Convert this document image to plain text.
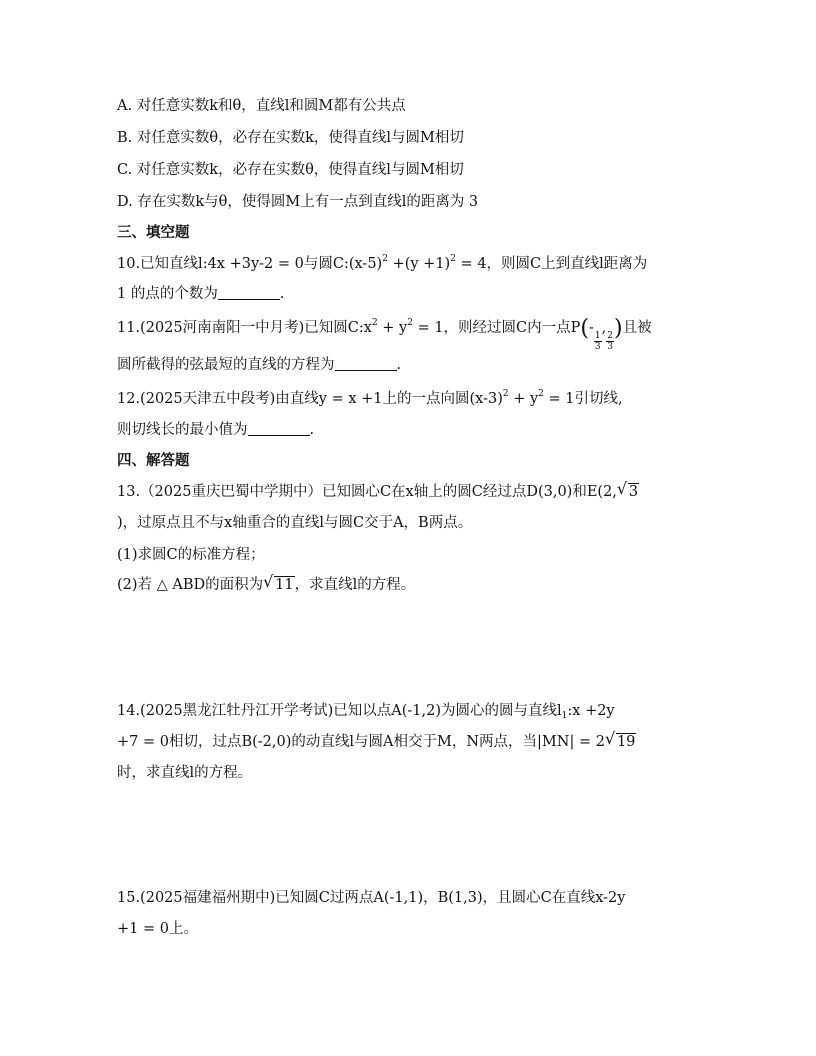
A. 对任意实数k和θ，直线l和圆M都有公共点
B. 对任意实数θ，必存在实数k，使得直线l与圆M相切
C. 对任意实数k，必存在实数θ，使得直线l与圆M相切
D. 存在实数k与θ，使得圆M上有一点到直线l的距离为 3
三、填空题
10.已知直线l:4x +3y-2 = 0与圆$C:(x-5)^2 +(y +1)^2 = 4$，则圆C上到直线l距离为
1 的点的个数为	.
11.(2025河南南阳一中月考)已知圆$C:x^2 + y^2 = 1$，则经过圆C内一点P(-
$\frac{1}{3}$
,
$\frac{2}{3}$
)且被
圆所截得的弦最短的直线的方程为	.
12.(2025天津五中段考)由直线y = x +1上的一点向圆$(x-3)^2 + y^2 = 1$引切线,
则切线长的最小值为	.
四、解答题
13.（2025重庆巴蜀中学期中）已知圆心C在x轴上的圆C经过点D(3,0)和E(2, √ 3
)，过原点且不与x轴重合的直线l与圆C交于A，B两点。
(1)求圆C的标准方程；
(2)若 △ ABD的面积为 √ 11，求直线l的方程。
14.(2025黑龙江牡丹江开学考试)已知以点A(-1,2)为圆心的圆与直线$l_1:x +2y$
+7 = 0相切，过点B(-2,0)的动直线l与圆A相交于M，N两点，当|MN| = 2 √ 19
时，求直线l的方程。
15.(2025福建福州期中)已知圆C过两点A(-1,1)，B(1,3)，且圆心C在直线x-2y
+1 = 0上。
